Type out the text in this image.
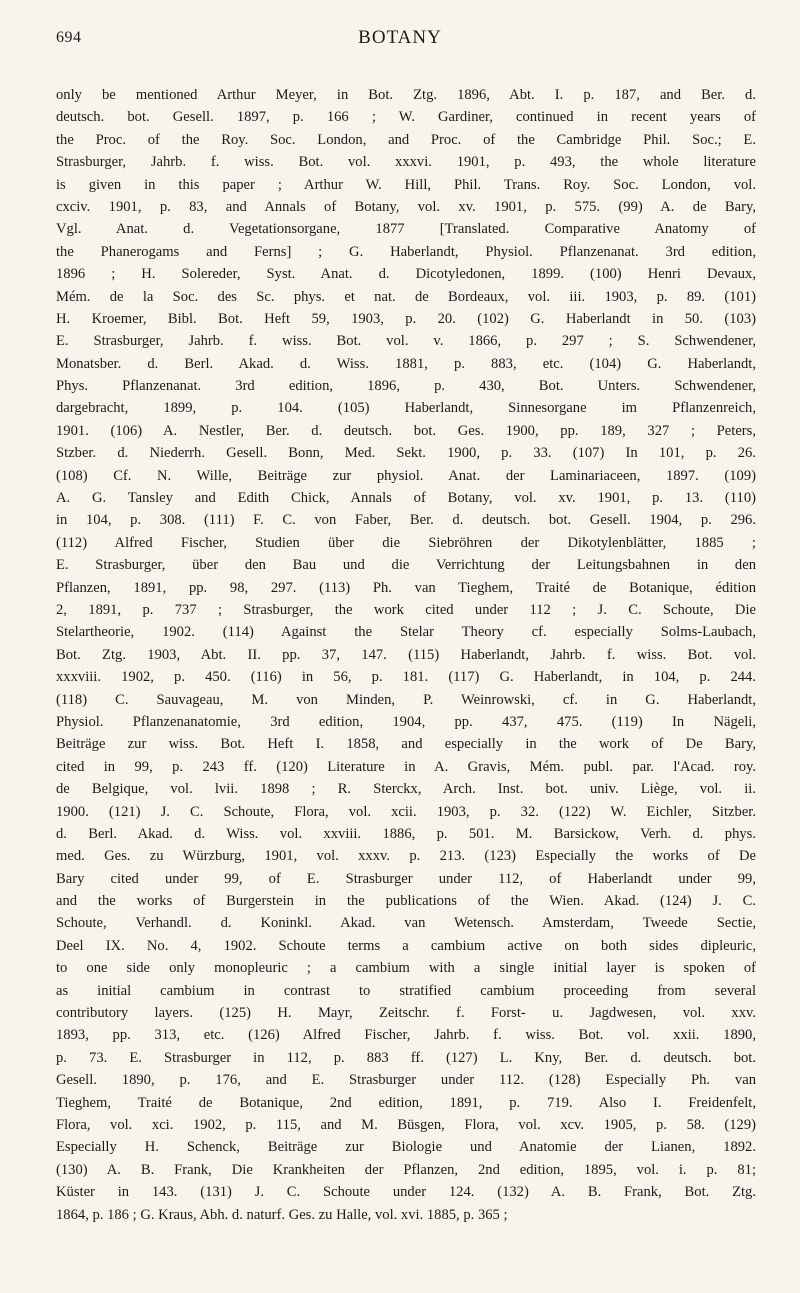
694	BOTANY
only be mentioned Arthur Meyer, in Bot. Ztg. 1896, Abt. I. p. 187, and Ber. d.
deutsch. bot. Gesell. 1897, p. 166 ; W. Gardiner, continued in recent years of
the Proc. of the Roy. Soc. London, and Proc. of the Cambridge Phil. Soc.; E.
Strasburger, Jahrb. f. wiss. Bot. vol. xxxvi. 1901, p. 493, the whole literature
is given in this paper ; Arthur W. Hill, Phil. Trans. Roy. Soc. London, vol.
cxciv. 1901, p. 83, and Annals of Botany, vol. xv. 1901, p. 575. (99) A. de Bary,
Vgl. Anat. d. Vegetationsorgane, 1877 [Translated. Comparative Anatomy of
the Phanerogams and Ferns] ; G. Haberlandt, Physiol. Pflanzenanat. 3rd edition,
1896 ; H. Solereder, Syst. Anat. d. Dicotyledonen, 1899. (100) Henri Devaux,
Mém. de la Soc. des Sc. phys. et nat. de Bordeaux, vol. iii. 1903, p. 89. (101)
H. Kroemer, Bibl. Bot. Heft 59, 1903, p. 20. (102) G. Haberlandt in 50. (103)
E. Strasburger, Jahrb. f. wiss. Bot. vol. v. 1866, p. 297 ; S. Schwendener,
Monatsber. d. Berl. Akad. d. Wiss. 1881, p. 883, etc. (104) G. Haberlandt,
Phys. Pflanzenanat. 3rd edition, 1896, p. 430, Bot. Unters. Schwendener,
dargebracht, 1899, p. 104. (105) Haberlandt, Sinnesorgane im Pflanzenreich,
1901. (106) A. Nestler, Ber. d. deutsch. bot. Ges. 1900, pp. 189, 327 ; Peters,
Stzber. d. Niederrh. Gesell. Bonn, Med. Sekt. 1900, p. 33. (107) In 101, p. 26.
(108) Cf. N. Wille, Beiträge zur physiol. Anat. der Laminariaceen, 1897. (109)
A. G. Tansley and Edith Chick, Annals of Botany, vol. xv. 1901, p. 13. (110)
in 104, p. 308. (111) F. C. von Faber, Ber. d. deutsch. bot. Gesell. 1904, p. 296.
(112) Alfred Fischer, Studien über die Siebröhren der Dikotylenblätter, 1885 ;
E. Strasburger, über den Bau und die Verrichtung der Leitungsbahnen in den
Pflanzen, 1891, pp. 98, 297. (113) Ph. van Tieghem, Traité de Botanique, édition
2, 1891, p. 737 ; Strasburger, the work cited under 112 ; J. C. Schoute, Die
Stelartheorie, 1902. (114) Against the Stelar Theory cf. especially Solms-Laubach,
Bot. Ztg. 1903, Abt. II. pp. 37, 147. (115) Haberlandt, Jahrb. f. wiss. Bot. vol.
xxxviii. 1902, p. 450. (116) in 56, p. 181. (117) G. Haberlandt, in 104, p. 244.
(118) C. Sauvageau, M. von Minden, P. Weinrowski, cf. in G. Haberlandt,
Physiol. Pflanzenanatomie, 3rd edition, 1904, pp. 437, 475. (119) In Nägeli,
Beiträge zur wiss. Bot. Heft I. 1858, and especially in the work of De Bary,
cited in 99, p. 243 ff. (120) Literature in A. Gravis, Mém. publ. par. l'Acad. roy.
de Belgique, vol. lvii. 1898 ; R. Sterckx, Arch. Inst. bot. univ. Liège, vol. ii.
1900. (121) J. C. Schoute, Flora, vol. xcii. 1903, p. 32. (122) W. Eichler, Sitzber.
d. Berl. Akad. d. Wiss. vol. xxviii. 1886, p. 501. M. Barsickow, Verh. d. phys.
med. Ges. zu Würzburg, 1901, vol. xxxv. p. 213. (123) Especially the works of De
Bary cited under 99, of E. Strasburger under 112, of Haberlandt under 99,
and the works of Burgerstein in the publications of the Wien. Akad. (124) J. C.
Schoute, Verhandl. d. Koninkl. Akad. van Wetensch. Amsterdam, Tweede Sectie,
Deel IX. No. 4, 1902. Schoute terms a cambium active on both sides dipleuric,
to one side only monopleuric ; a cambium with a single initial layer is spoken of
as initial cambium in contrast to stratified cambium proceeding from several
contributory layers. (125) H. Mayr, Zeitschr. f. Forst- u. Jagdwesen, vol. xxv.
1893, pp. 313, etc. (126) Alfred Fischer, Jahrb. f. wiss. Bot. vol. xxii. 1890,
p. 73. E. Strasburger in 112, p. 883 ff. (127) L. Kny, Ber. d. deutsch. bot.
Gesell. 1890, p. 176, and E. Strasburger under 112. (128) Especially Ph. van
Tieghem, Traité de Botanique, 2nd edition, 1891, p. 719. Also I. Freidenfelt,
Flora, vol. xci. 1902, p. 115, and M. Büsgen, Flora, vol. xcv. 1905, p. 58. (129)
Especially H. Schenck, Beiträge zur Biologie und Anatomie der Lianen, 1892.
(130) A. B. Frank, Die Krankheiten der Pflanzen, 2nd edition, 1895, vol. i. p. 81;
Küster in 143. (131) J. C. Schoute under 124. (132) A. B. Frank, Bot. Ztg.
1864, p. 186 ; G. Kraus, Abh. d. naturf. Ges. zu Halle, vol. xvi. 1885, p. 365 ;
